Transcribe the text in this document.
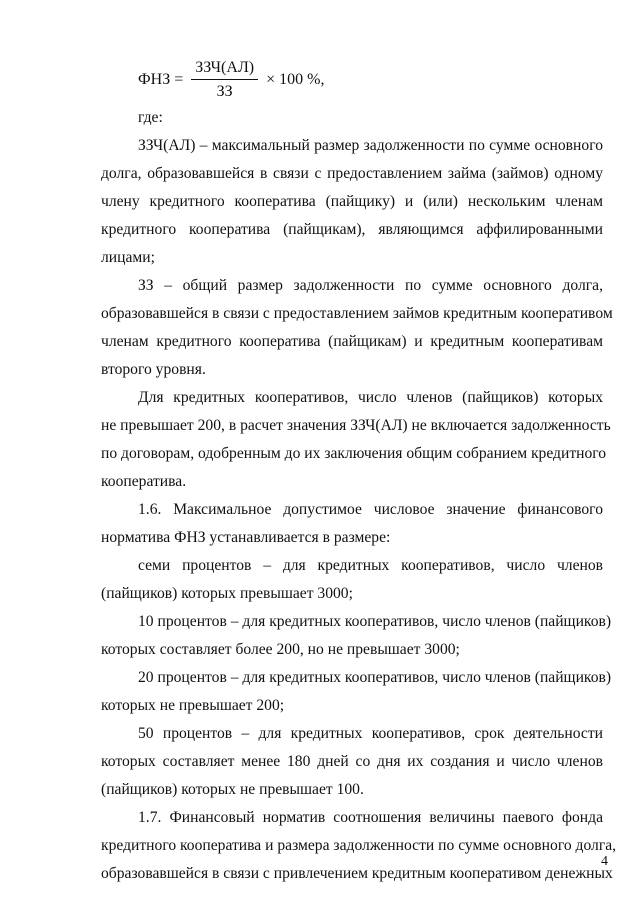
ФНЗ = $\frac{\text{ЗЗЧ(АЛ)}}{ЗЗ} \times 100$ %,
где:
ЗЗЧ(АЛ) – максимальный размер задолженности по сумме основного
долга, образовавшейся в связи с предоставлением займа (займов) одному
члену кредитного кооператива (пайщику) и (или) нескольким членам
кредитного кооператива (пайщикам), являющимся аффилированными
лицами;
ЗЗ – общий размер задолженности по сумме основного долга,
образовавшейся в связи с предоставлением займов кредитным кооперативом
членам кредитного кооператива (пайщикам) и кредитным кооперативам
второго уровня.
Для кредитных кооперативов, число членов (пайщиков) которых
не превышает 200, в расчет значения ЗЗЧ(АЛ) не включается задолженность
по договорам, одобренным до их заключения общим собранием кредитного
кооператива.
1.6. Максимальное допустимое числовое значение финансового
норматива ФНЗ устанавливается в размере:
семи процентов – для кредитных кооперативов, число членов
(пайщиков) которых превышает 3000;
10 процентов – для кредитных кооперативов, число членов (пайщиков)
которых составляет более 200, но не превышает 3000;
20 процентов – для кредитных кооперативов, число членов (пайщиков)
которых не превышает 200;
50 процентов – для кредитных кооперативов, срок деятельности
которых составляет менее 180 дней со дня их создания и число членов
(пайщиков) которых не превышает 100.
1.7. Финансовый норматив соотношения величины паевого фонда
кредитного кооператива и размера задолженности по сумме основного долга,
образовавшейся в связи с привлечением кредитным кооперативом денежных
4
